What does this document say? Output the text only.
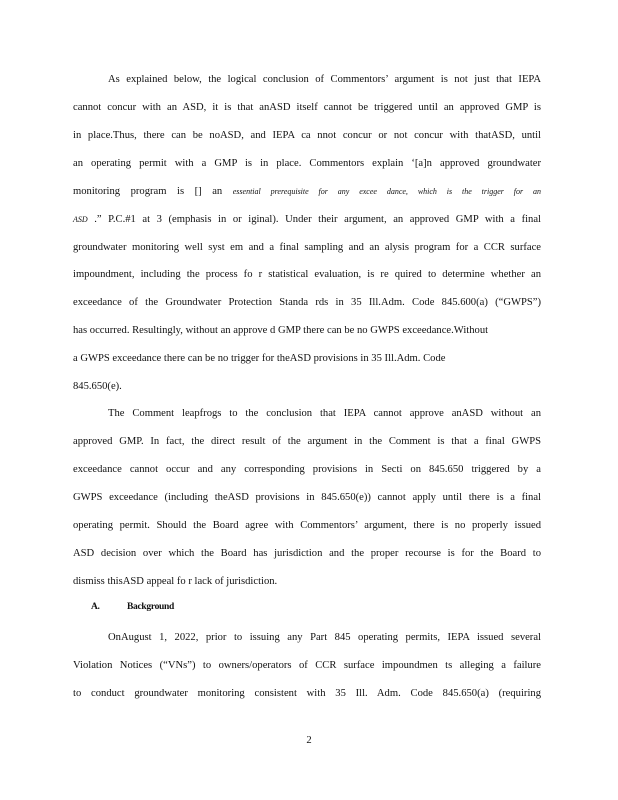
As explained below, the logical conclusion of Commentors’ argument is not just that IEPA
cannot concur with an ASD, it is that anASD itself cannot be triggered until an approved GMP is
in place.Thus, there can be noASD, and IEPA ca nnot concur or not concur with thatASD, until
an operating permit with a GMP is in place. Commentors explain ‘[a]n approved groundwater
monitoring program is [] an essential prerequisite for any excee dance, which is the trigger for an
ASD .” P.C.#1 at 3 (emphasis in or iginal). Under their argument, an approved GMP with a final
groundwater monitoring well syst em and a final sampling and an alysis program for a CCR surface
impoundment, including the process fo r statistical evaluation, is re quired to determine whether an
exceedance of the Groundwater Protection Standa rds in 35 Ill.Adm. Code 845.600(a) (“GWPS”)
has occurred. Resultingly, without an approve d GMP there can be no GWPS exceedance.Without
a GWPS exceedance there can be no trigger for theASD provisions in 35 Ill.Adm. Code
845.650(e).
The Comment leapfrogs to the conclusion that IEPA cannot approve anASD without an
approved GMP. In fact, the direct result of the argument in the Comment is that a final GWPS
exceedance cannot occur and any corresponding provisions in Secti on 845.650 triggered by a
GWPS exceedance (including theASD provisions in 845.650(e)) cannot apply until there is a final
operating permit. Should the Board agree with Commentors’ argument, there is no properly issued
ASD decision over which the Board has jurisdiction and the proper recourse is for the Board to
dismiss thisASD appeal fo r lack of jurisdiction.
A.	Background
OnAugust 1, 2022, prior to issuing any Part 845 operating permits, IEPA issued several
Violation Notices (“VNs”) to owners/operators of CCR surface impoundmen ts alleging a failure
to conduct groundwater monitoring consistent with 35 Ill. Adm. Code 845.650(a) (requiring
2
